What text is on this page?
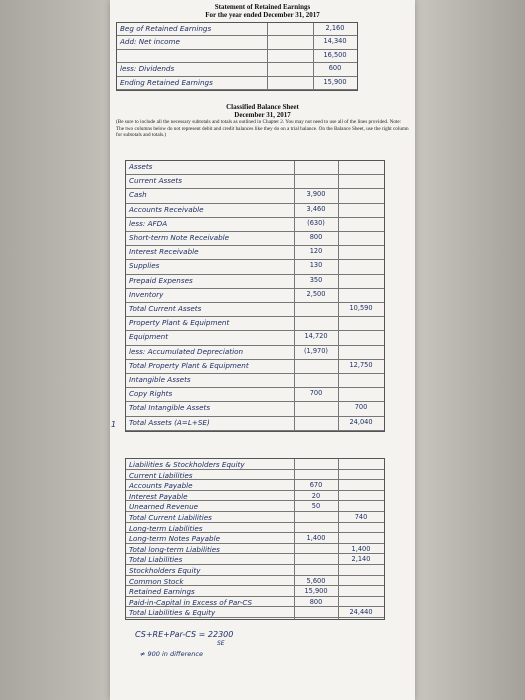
Statement of Retained Earnings
For the year ended December 31, 2017
Beg of Retained Earnings	2,160
Add: Net income	14,340
16,500
less: Dividends	600
Ending Retained Earnings	15,900
Classified Balance Sheet
December 31, 2017
(Be sure to include all the necessary subtotals and totals as outlined in Chapter 2. You may not need to use all of the lines provided. Note: The two columns below do not represent debit and credit balances like they do on a trial balance. On the Balance Sheet, use the right column for subtotals and totals.)
Assets
Current Assets
Cash	3,900
Accounts Receivable	3,460
less: AFDA	(630)
Short-term Note Receivable	800
Interest Receivable	120
Supplies	130
Prepaid Expenses	350
Inventory	2,500
Total Current Assets	10,590
Property Plant & Equipment
Equipment	14,720
less: Accumulated Depreciation	(1,970)
Total Property Plant & Equipment	12,750
Intangible Assets
Copy Rights	700
Total Intangible Assets	700
Total Assets (A=L+SE)	24,040
1
Liabilities & Stockholders Equity
Current Liabilities
Accounts Payable	670
Interest Payable	20
Unearned Revenue	50
Total Current Liabilities	740
Long-term Liabilities
Long-term Notes Payable	1,400
Total long-term Liabilities	1,400
Total Liabilities	2,140
Stockholders Equity
Common Stock	5,600
Retained Earnings	15,900
Paid-in-Capital in Excess of Par-CS	800
Total Liabilities & Equity	24,440
CS+RE+Par-CS = 22300
SE
≠ 900 in difference
